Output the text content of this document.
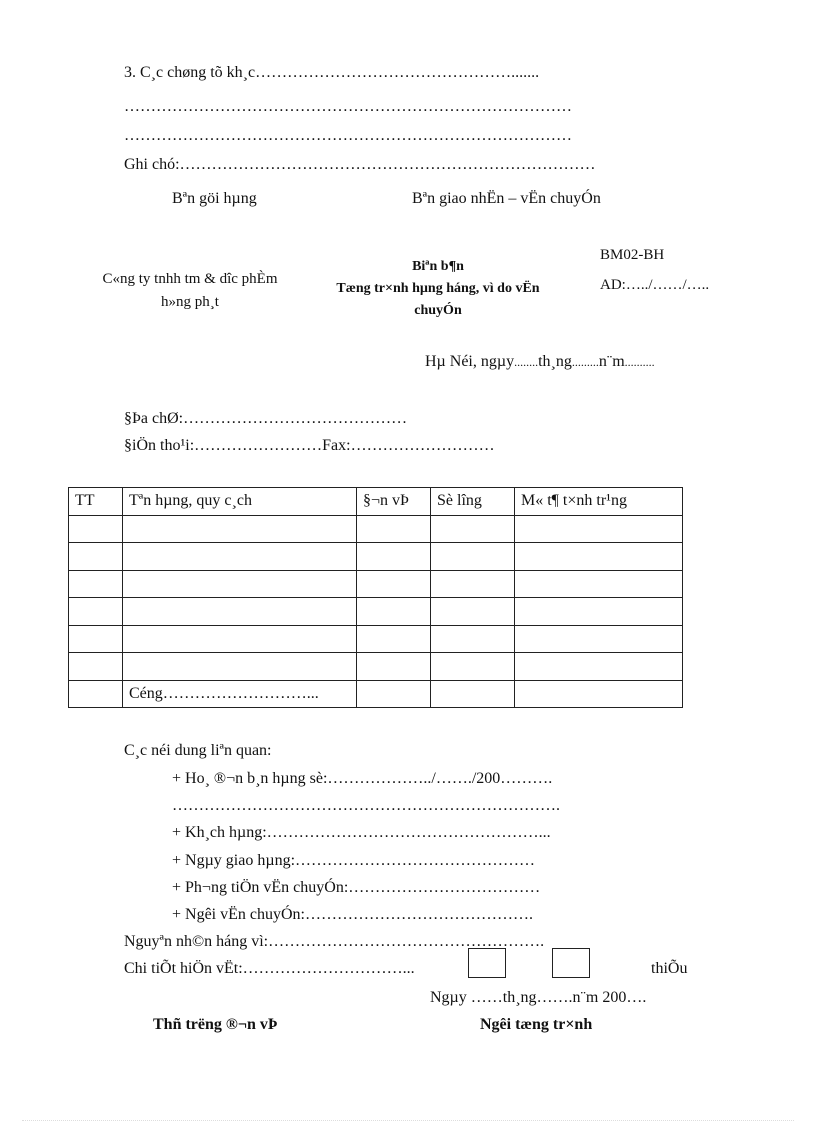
3. C¸c chøng tõ kh¸c………………………………………….......
…………………………………………………………………………
…………………………………………………………………………
Ghi chó:……………………………………………………………………
Bªn göi hµng	Bªn giao nhËn – vËn chuyÓn
C«ng ty tnhh tm & dîc phÈm
h»ng ph¸t
Biªn b¶n
Tæng tr×nh hµng háng, vì do vËn
chuyÓn
BM02-BH
AD:…../……/…..
Hµ Néi, ngµy........th¸ng.........n¨m..........
§Þa chØ:……………………………………
§iÖn tho¹i:……………………Fax:………………………
TT	Tªn hµng, quy c¸ch	§¬n vÞ	Sè lîng	M« t¶ t×nh tr¹ng

	Céng………………………...			
C¸c néi dung liªn quan:
+ Ho¸ ®¬n b¸n hµng sè:………………../……./200……….
……………………………………………………………….
+ Kh¸ch hµng:……………………………………………...
+ Ngµy giao hµng:………………………………………
+ Ph¬ng tiÖn vËn chuyÓn:………………………………
+ Ngêi vËn chuyÓn:…………………………………….
Nguyªn nh©n háng vì:…………………………………………….
Chi tiÕt hiÖn vËt:…………………………...	thiÕu
Ngµy ……th¸ng…….n¨m 200….
Thñ trëng ®¬n vÞ	Ngêi tæng tr×nh
